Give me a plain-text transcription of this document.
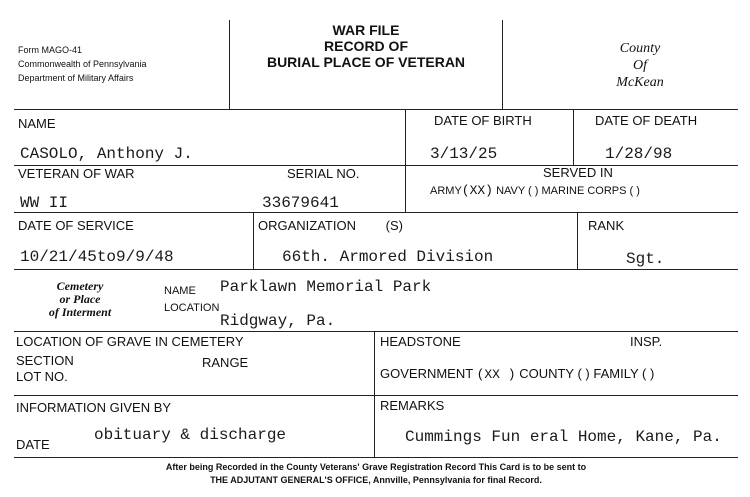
Form MAGO-41
Commonwealth of Pennsylvania
Department of Military Affairs
WAR FILE
RECORD OF
BURIAL PLACE OF VETERAN
County
Of
McKean
NAME
CASOLO, Anthony J.
DATE OF BIRTH
3/13/25
DATE OF DEATH
1/28/98
VETERAN OF WAR
WW II
SERIAL NO.
33679641
SERVED IN
ARMY(XX) NAVY ( ) MARINE CORPS ( )
DATE OF SERVICE
10/21/45to9/9/48
ORGANIZATION (S)
66th. Armored Division
RANK
Sgt.
Cemetery
or Place
of Interment
NAME Parklawn Memorial Park
LOCATION
Ridgway, Pa.
LOCATION OF GRAVE IN CEMETERY
SECTION	RANGE
LOT NO.
HEADSTONE	INSP.
GOVERNMENT (XX ) COUNTY ( ) FAMILY ( )
INFORMATION GIVEN BY
DATE
obituary & discharge
REMARKS
Cummings Fun eral Home, Kane, Pa.
After being Recorded in the County Veterans' Grave Registration Record This Card is to be sent to
THE ADJUTANT GENERAL'S OFFICE, Annville, Pennsylvania for final Record.
